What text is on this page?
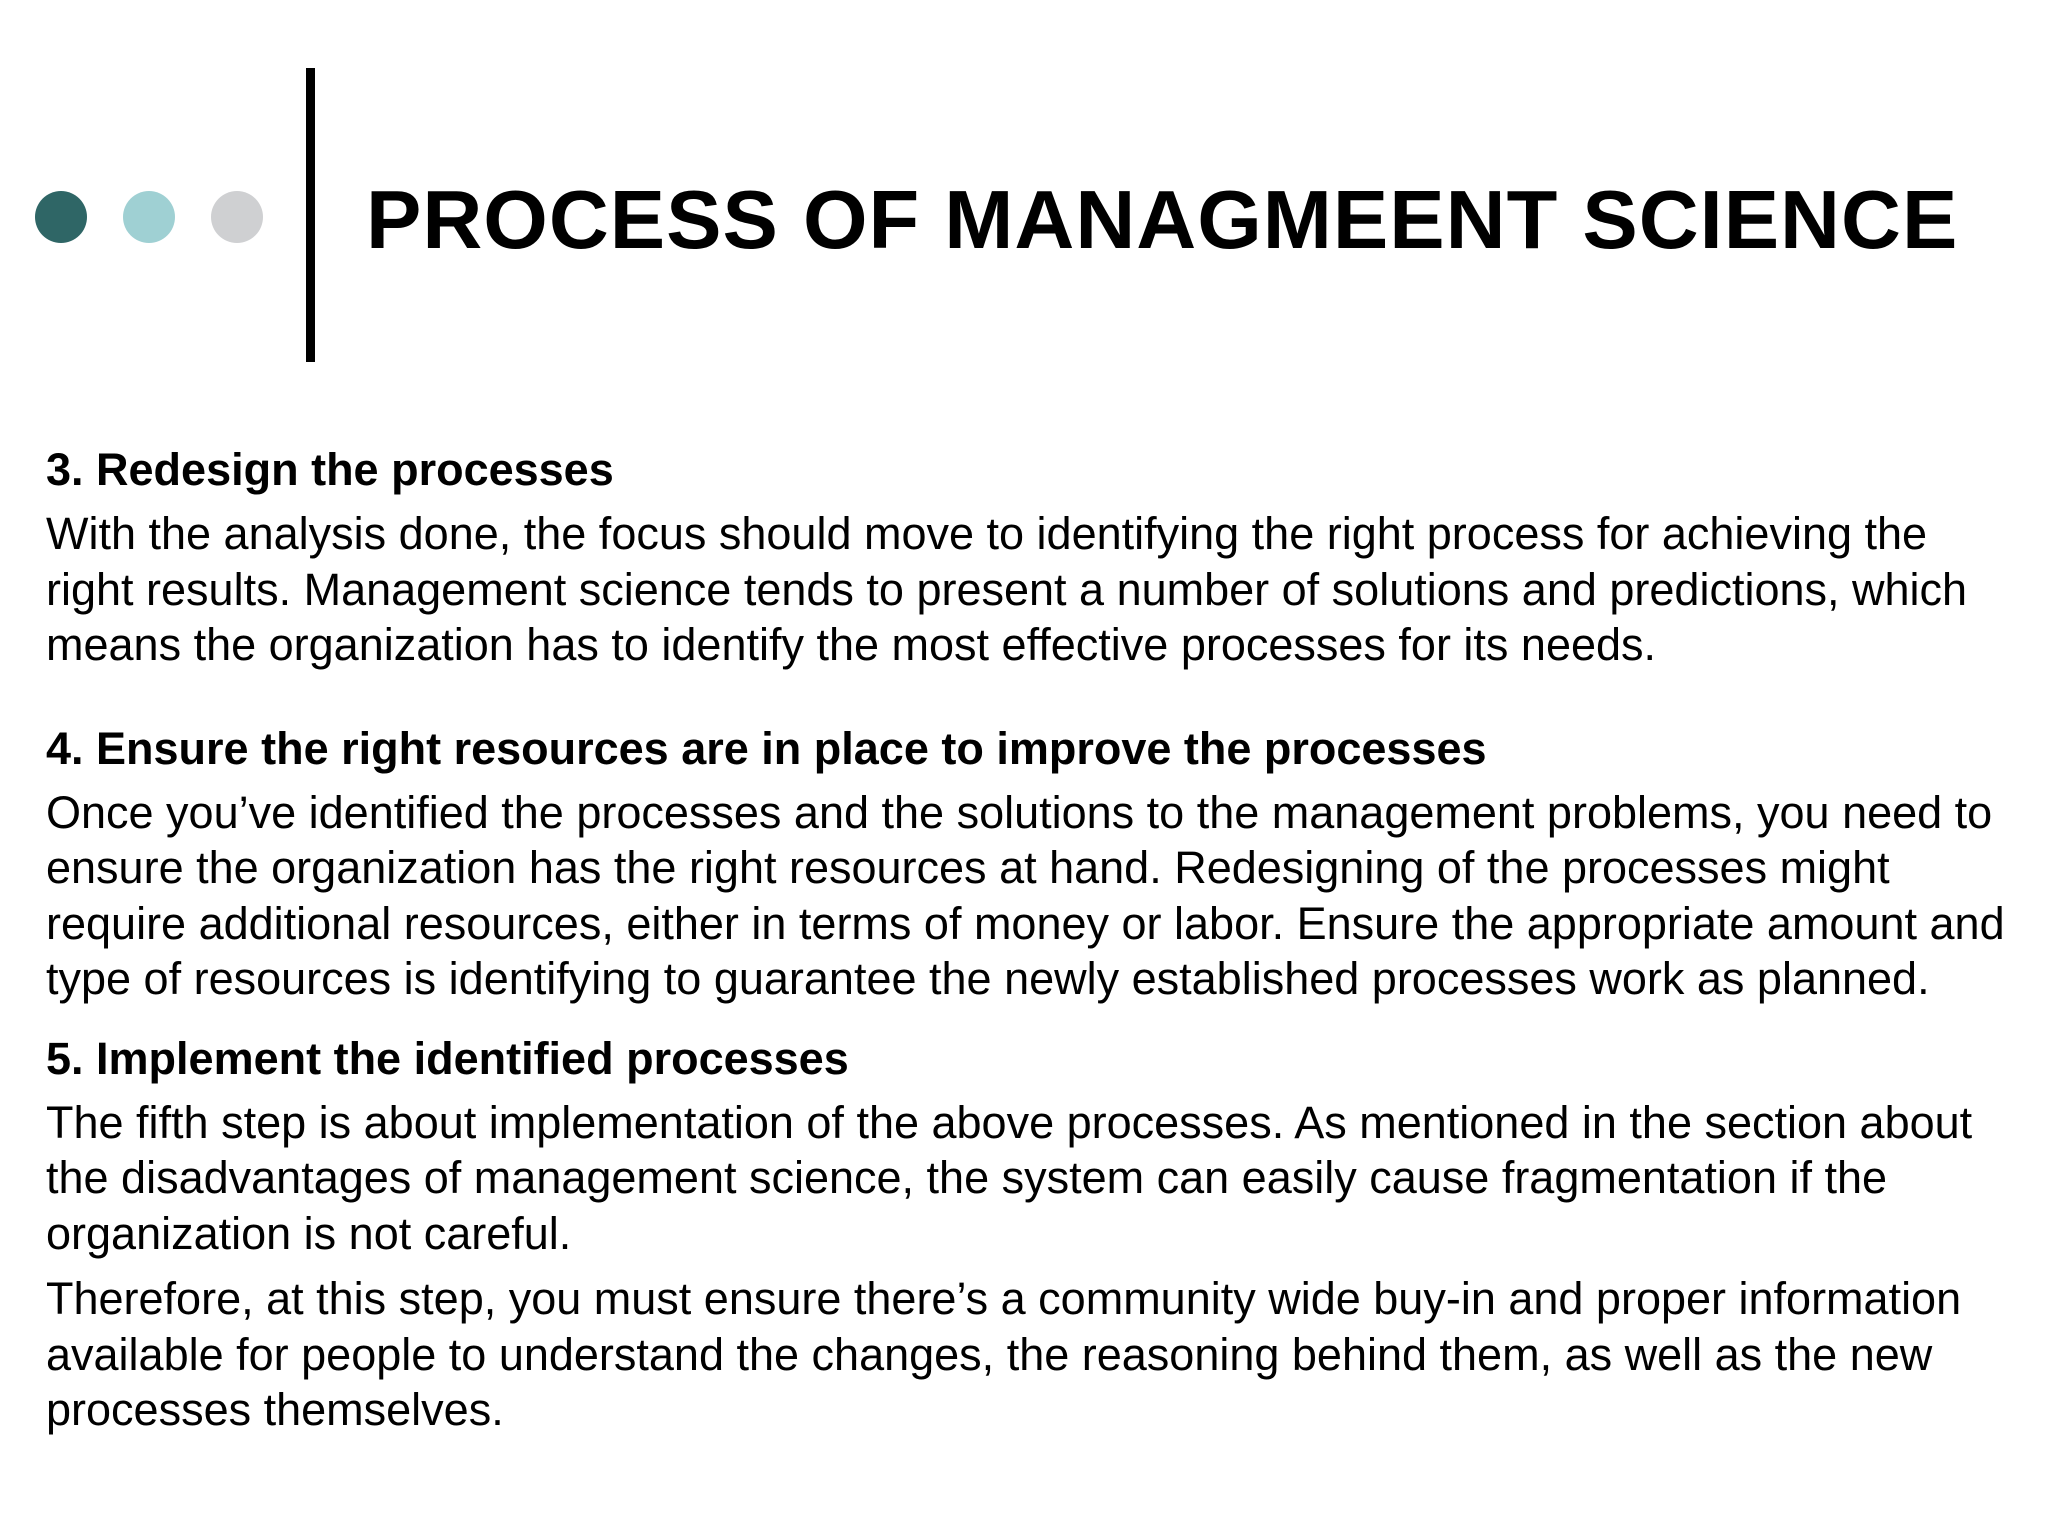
PROCESS OF MANAGMEENT SCIENCE
3. Redesign the processes

With the analysis done, the focus should move to identifying the right process for achieving the right results. Management science tends to present a number of solutions and predictions, which means the organization has to identify the most effective processes for its needs.

4. Ensure the right resources are in place to improve the processes

Once you’ve identified the processes and the solutions to the management problems, you need to ensure the organization has the right resources at hand. Redesigning of the processes might require additional resources, either in terms of money or labor. Ensure the appropriate amount and type of resources is identifying to guarantee the newly established processes work as planned.

5. Implement the identified processes

The fifth step is about implementation of the above processes. As mentioned in the section about the disadvantages of management science, the system can easily cause fragmentation if the organization is not careful.

Therefore, at this step, you must ensure there’s a community wide buy-in and proper information available for people to understand the changes, the reasoning behind them, as well as the new processes themselves.
